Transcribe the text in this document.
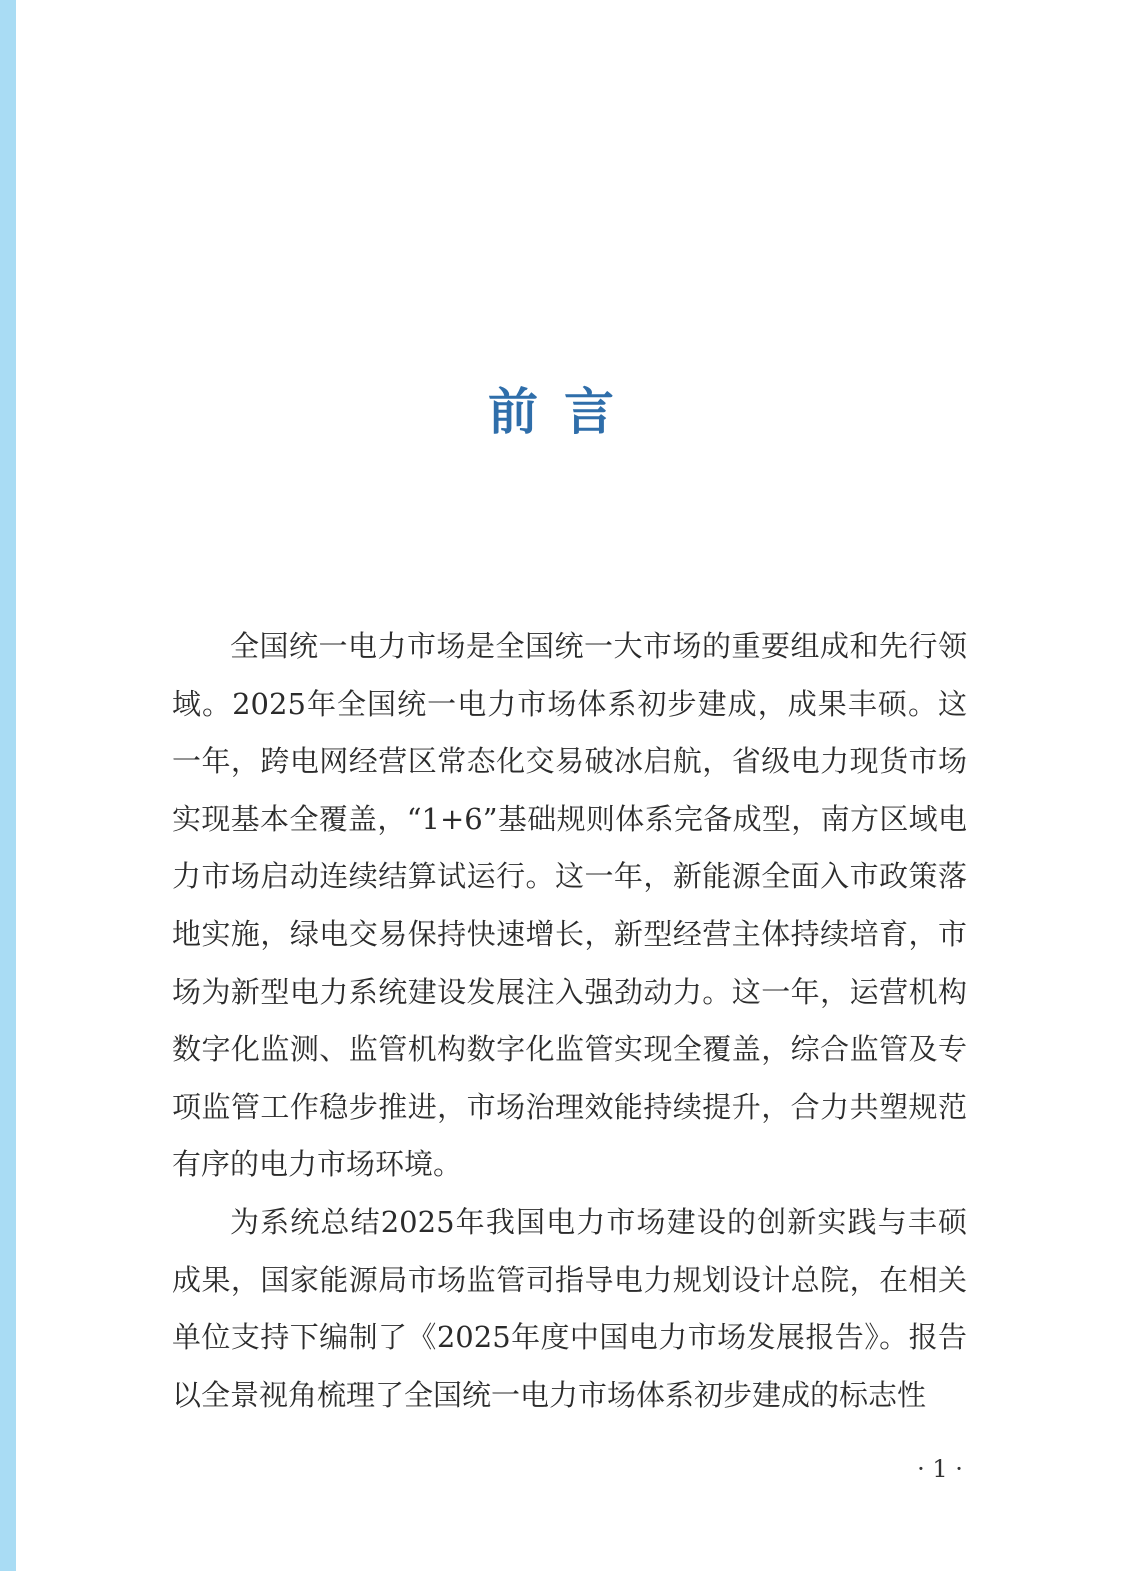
前言

全国统一电力市场是全国统一大市场的重要组成和先行领域。2025年全国统一电力市场体系初步建成，成果丰硕。这一年，跨电网经营区常态化交易破冰启航，省级电力现货市场实现基本全覆盖，“1+6”基础规则体系完备成型，南方区域电力市场启动连续结算试运行。这一年，新能源全面入市政策落地实施，绿电交易保持快速增长，新型经营主体持续培育，市场为新型电力系统建设发展注入强劲动力。这一年，运营机构数字化监测、监管机构数字化监管实现全覆盖，综合监管及专项监管工作稳步推进，市场治理效能持续提升，合力共塑规范有序的电力市场环境。

为系统总结2025年我国电力市场建设的创新实践与丰硕成果，国家能源局市场监管司指导电力规划设计总院，在相关单位支持下编制了《2025年度中国电力市场发展报告》。报告以全景视角梳理了全国统一电力市场体系初步建成的标志性

· 1 ·
